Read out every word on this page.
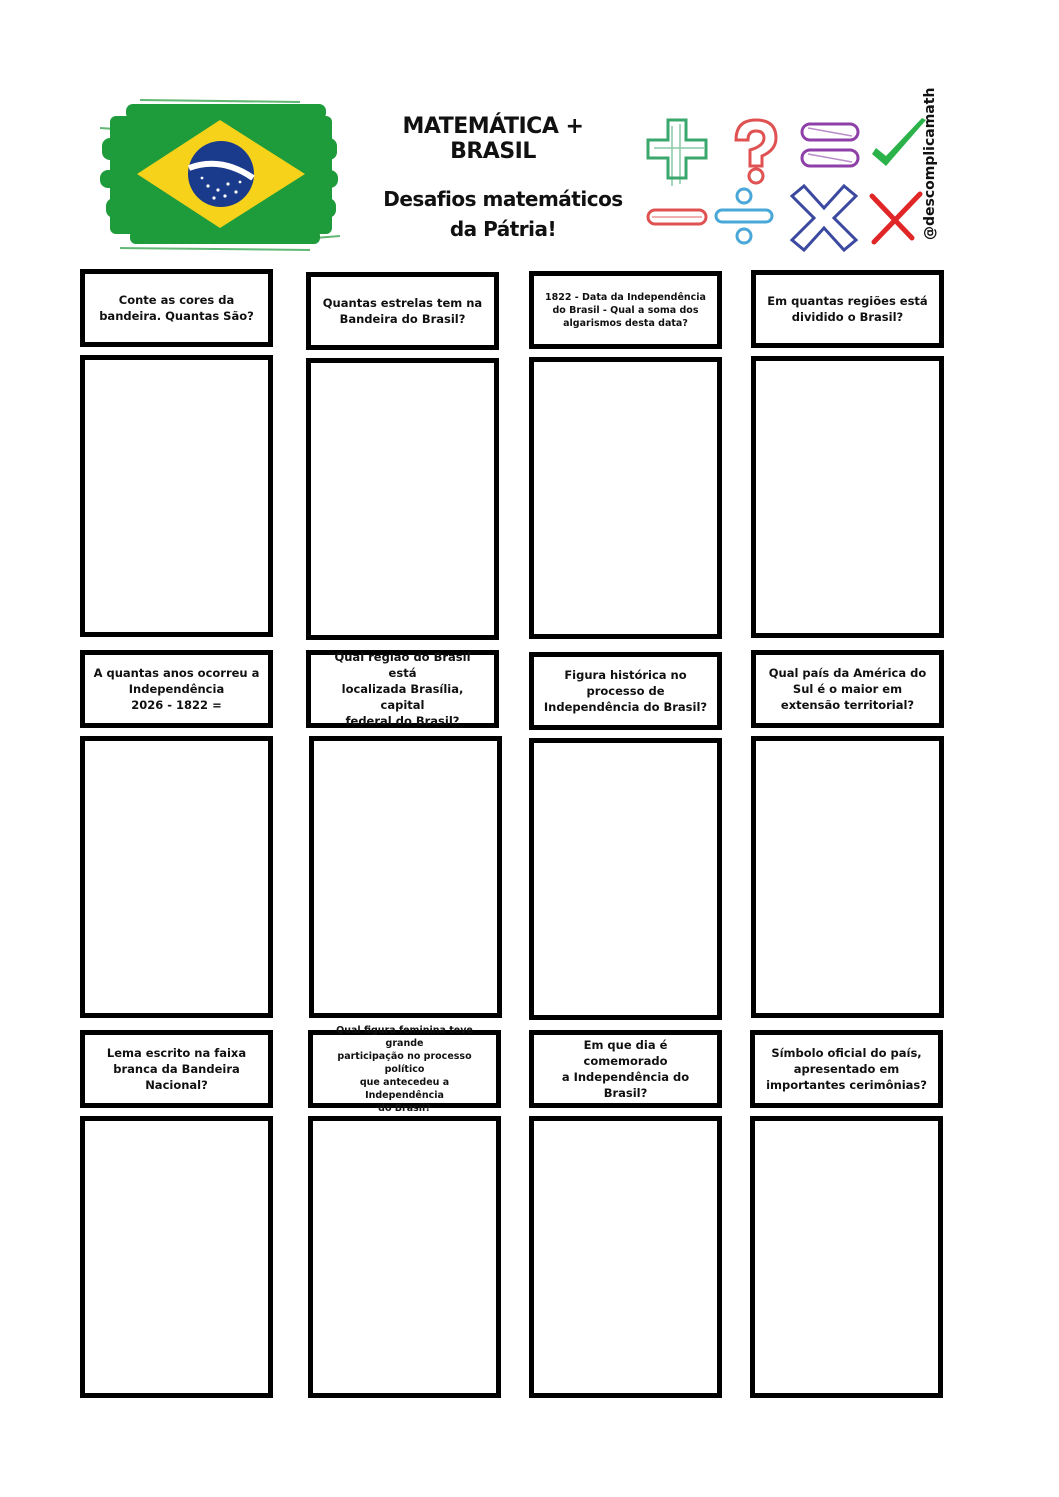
MATEMÁTICA + BRASIL
Desafios matemáticos
da Pátria!	@descomplicamath
Conte as cores da
bandeira. Quantas São?
Quantas estrelas tem na
Bandeira do Brasil?
1822 - Data da Independência
do Brasil - Qual a soma dos
algarismos desta data?
Em quantas regiões está
dividido o Brasil?
A quantas anos ocorreu a
Independência
2026 - 1822 =
Qual região do Brasil está
localizada Brasília, capital
federal do Brasil?
Figura histórica no
processo de
Independência do Brasil?
Qual país da América do
Sul é o maior em
extensão territorial?
Lema escrito na faixa
branca da Bandeira
Nacional?
Qual figura feminina teve grande
participação no processo político
que antecedeu a Independência
do Brasil?
Em que dia é comemorado
a Independência do Brasil?
Símbolo oficial do país,
apresentado em
importantes cerimônias?
